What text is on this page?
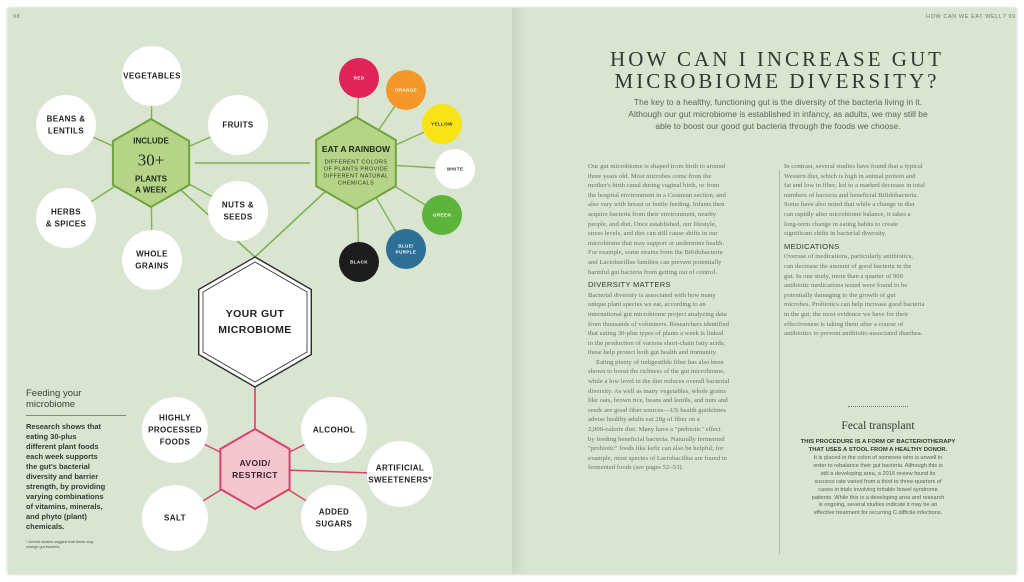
98	HOW CAN WE EAT WELL? 99
INCLUDE
30+
PLANTS
A WEEK
EAT A RAINBOW
DIFFERENT COLORS
OF PLANTS PROVIDE
DIFFERENT NATURAL
CHEMICALS
YOUR GUT
MICROBIOME
AVOID/
RESTRICT
VEGETABLES
FRUITS
BEANS &
LENTILS
HERBS
& SPICES
NUTS &
SEEDS
WHOLE
GRAINS
RED
ORANGE
YELLOW
WHITE
GREEN
BLUE/
PURPLE
BLACK
HIGHLY
PROCESSED
FOODS
ALCOHOL
ARTIFICIAL
SWEETENERS*
SALT
ADDED
SUGARS
Feeding your
microbiome
Research shows that
eating 30-plus
different plant foods
each week supports
the gut's bacterial
diversity and barrier
strength, by providing
varying combinations
of vitamins, minerals,
and phyto (plant)
chemicals.
* Animal studies suggest that these may
change gut bacteria
HOW CAN I INCREASE GUT
MICROBIOME DIVERSITY?
The key to a healthy, functioning gut is the diversity of the bacteria living in it.
Although our gut microbiome is established in infancy, as adults, we may still be
able to boost our good gut bacteria through the foods we choose.

Our gut microbiome is shaped from birth to around
three years old. Most microbes come from the
mother's birth canal during vaginal birth, or from
the hospital environment in a Cesarean section, and
also vary with breast or bottle feeding. Infants then
acquire bacteria from their environment, nearby
people, and diet. Once established, our lifestyle,
stress levels, and diet can still cause shifts in our
microbiome that may support or undermine health.
For example, some strains from the Bifidobacteria
and Lactobacillus families can prevent potentially
harmful gut bacteria from getting out of control.

DIVERSITY MATTERS

Bacterial diversity is associated with how many
unique plant species we eat, according to an
international gut microbiome project analyzing data
from thousands of volunteers. Researchers identified
that eating 30-plus types of plants a week is linked
to the production of various short-chain fatty acids;
these help protect both gut health and immunity.

Eating plenty of indigestible fiber has also been
shown to boost the richness of the gut microbiome,
while a low level in the diet reduces overall bacterial
diversity. As well as many vegetables, whole grains
like oats, brown rice, beans and lentils, and nuts and
seeds are good fiber sources—US health guidelines
advise healthy adults eat 28g of fiber on a
2,000-calorie diet. Many have a "prebiotic" effect
by feeding beneficial bacteria. Naturally fermented
"probiotic" foods like kefir can also be helpful; for
example, most species of Lactobacillus are found in
fermented foods (see pages 52–53).

In contrast, several studies have found that a typical
Western diet, which is high in animal protein and
fat and low in fiber, led to a marked decrease in total
numbers of bacteria and beneficial Bifidobacteria.
Some have also noted that while a change in diet
can rapidly alter microbiome balance, it takes a
long-term change in eating habits to create
significant shifts in bacterial diversity.

MEDICATIONS

Overuse of medications, particularly antibiotics,
can decrease the amount of good bacteria in the
gut. In one study, more than a quarter of 900
antibiotic medications tested were found to be
potentially damaging to the growth of gut
microbes. Probiotics can help increase good bacteria
in the gut; the most evidence we have for their
effectiveness is taking them after a course of
antibiotics to prevent antibiotic-associated diarrhea.

Fecal transplant
THIS PROCEDURE IS A FORM OF BACTERIOTHERAPY
THAT USES A STOOL FROM A HEALTHY DONOR.
It is placed in the colon of someone who is unwell in
order to rebalance their gut bacteria. Although this is
still a developing area, a 2016 review found its
success rate varied from a third to three-quarters of
cases in trials involving irritable bowel syndrome
patients. While this is a developing area and research
is ongoing, several studies indicate it may be an
effective treatment for recurring C.difficile infections.
